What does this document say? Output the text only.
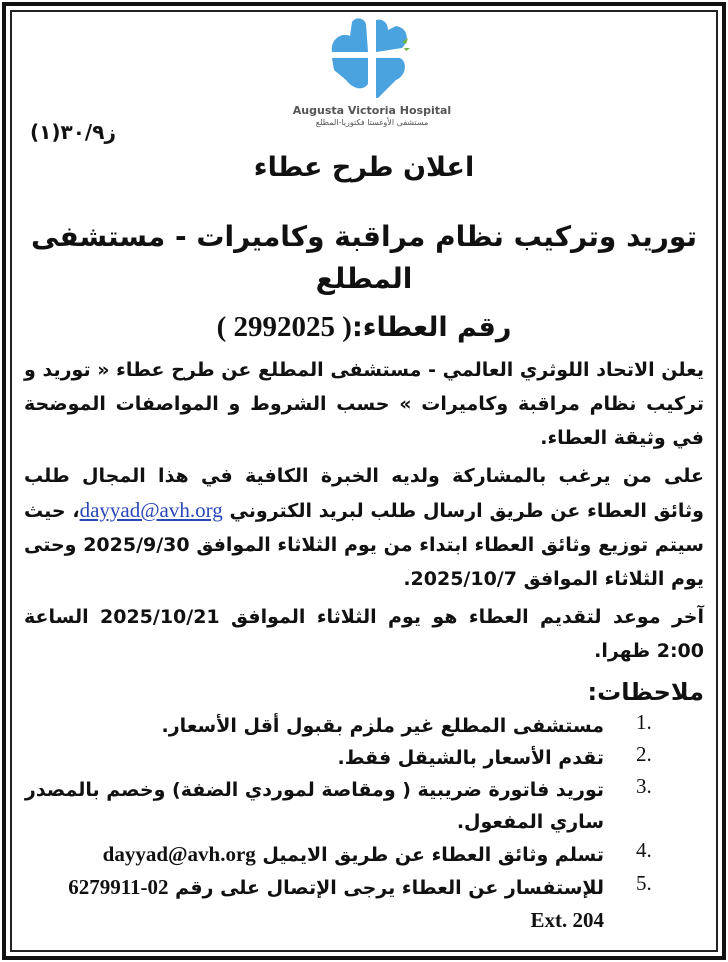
Augusta Victoria Hospital
مستشفى الأوغستا فكتوريا-المطلع
ز٣٠/٩(١)
اعلان طرح عطاء
توريد وتركيب نظام مراقبة وكاميرات - مستشفى المطلع
رقم العطاء:( 2992025 )

يعلن الاتحاد اللوثري العالمي - مستشفى المطلع عن طرح عطاء « توريد و تركيب نظام مراقبة وكاميرات » حسب الشروط و المواصفات الموضحة في وثيقة العطاء.

على من يرغب بالمشاركة ولديه الخبرة الكافية في هذا المجال طلب وثائق العطاء عن طريق ارسال طلب لبريد الكتروني dayyad@avh.org، حيث سيتم توزيع وثائق العطاء ابتداء من يوم الثلاثاء الموافق 2025/9/30 وحتى يوم الثلاثاء الموافق 2025/10/7.

آخر موعد لتقديم العطاء هو يوم الثلاثاء الموافق 2025/10/21 الساعة 2:00 ظهرا.

ملاحظات:
1.
مستشفى المطلع غير ملزم بقبول أقل الأسعار.
2.
تقدم الأسعار بالشيقل فقط.
3.
توريد فاتورة ضريبية ( ومقاصة لموردي الضفة) وخصم بالمصدر
ساري المفعول.
4.
تسلم وثائق العطاء عن طريق الايميل dayyad@avh.org
5.
للإستفسار عن العطاء يرجى الإتصال على رقم 02-6279911
Ext. 204
